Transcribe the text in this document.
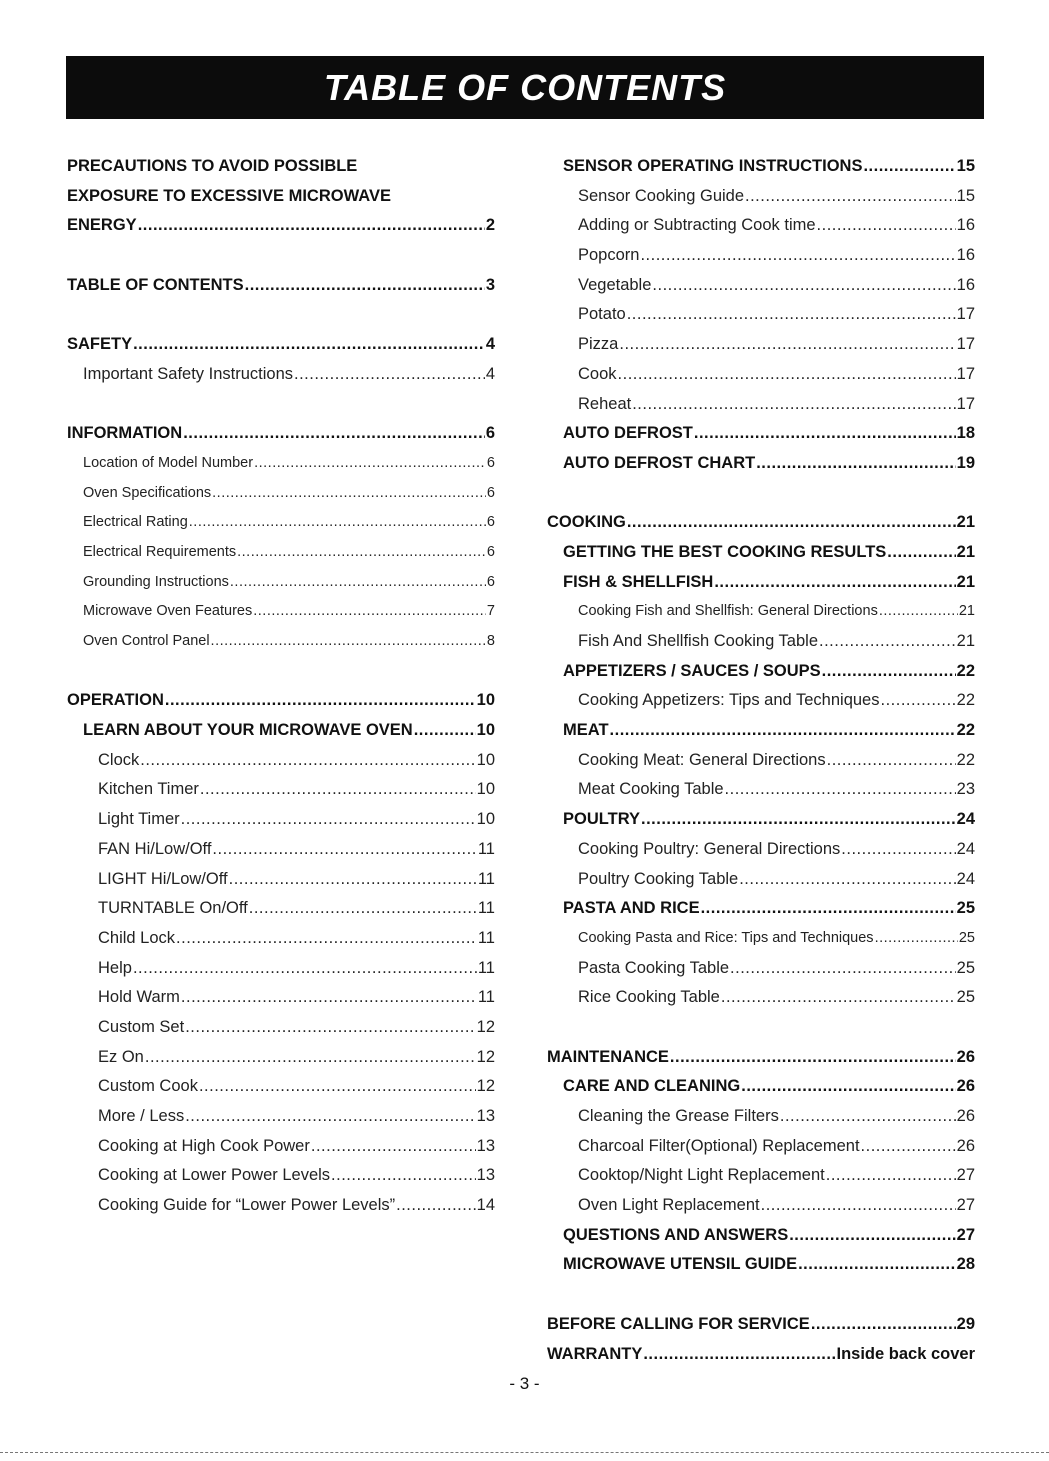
TABLE OF CONTENTS
PRECAUTIONS TO AVOID POSSIBLE
EXPOSURE TO EXCESSIVE MICROWAVE
ENERGY .....	2
TABLE OF CONTENTS .....	3
SAFETY .....	4
Important Safety Instructions .....	4
INFORMATION .....	6
Location of Model Number .....	6
Oven Specifications .....	6
Electrical Rating .....	6
Electrical Requirements .....	6
Grounding Instructions .....	6
Microwave Oven Features .....	7
Oven Control Panel .....	8
OPERATION .....	10
LEARN ABOUT YOUR MICROWAVE OVEN .....	10
Clock .....	10
Kitchen Timer .....	10
Light Timer .....	10
FAN Hi/Low/Off .....	11
LIGHT Hi/Low/Off .....	11
TURNTABLE On/Off .....	11
Child Lock .....	11
Help .....	11
Hold Warm .....	11
Custom Set .....	12
Ez On .....	12
Custom Cook .....	12
More / Less .....	13
Cooking at High Cook Power .....	13
Cooking at Lower Power Levels .....	13
Cooking Guide for “Lower Power Levels” .....	14
SENSOR OPERATING INSTRUCTIONS .....	15
Sensor Cooking Guide .....	15
Adding or Subtracting Cook time .....	16
Popcorn .....	16
Vegetable .....	16
Potato .....	17
Pizza .....	17
Cook .....	17
Reheat .....	17
AUTO DEFROST .....	18
AUTO DEFROST CHART .....	19
COOKING .....	21
GETTING THE BEST COOKING RESULTS .....	21
FISH & SHELLFISH .....	21
Cooking Fish and Shellfish: General Directions .....	21
Fish And Shellfish Cooking Table .....	21
APPETIZERS / SAUCES / SOUPS .....	22
Cooking Appetizers: Tips and Techniques .....	22
MEAT .....	22
Cooking Meat: General Directions .....	22
Meat Cooking Table .....	23
POULTRY .....	24
Cooking Poultry: General Directions .....	24
Poultry Cooking Table .....	24
PASTA AND RICE .....	25
Cooking Pasta and Rice: Tips and Techniques .....	25
Pasta Cooking Table .....	25
Rice Cooking Table .....	25
MAINTENANCE .....	26
CARE AND CLEANING .....	26
Cleaning the Grease Filters .....	26
Charcoal Filter(Optional) Replacement .....	26
Cooktop/Night Light Replacement .....	27
Oven Light Replacement .....	27
QUESTIONS AND ANSWERS .....	27
MICROWAVE UTENSIL GUIDE .....	28
BEFORE CALLING FOR SERVICE .....	29
WARRANTY .....	Inside back cover
- 3 -
